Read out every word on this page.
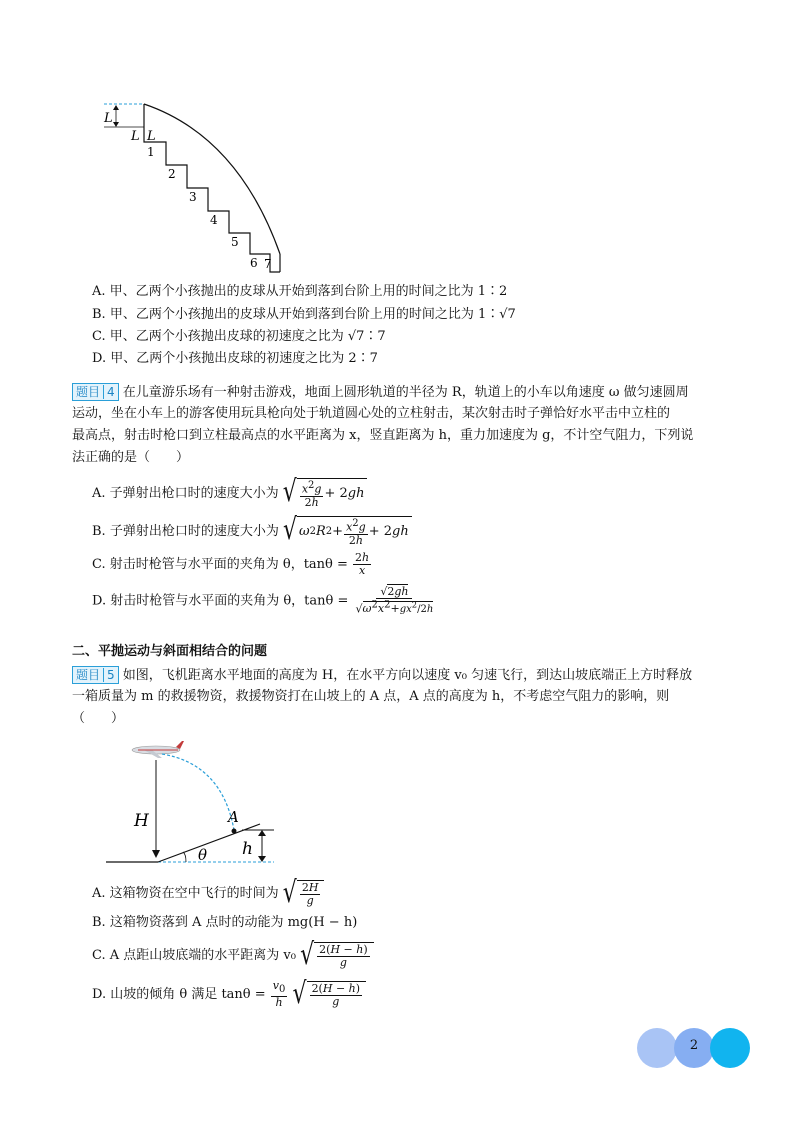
L
L L
1
2
3
4
5
6 7
A. 甲、乙两个小孩抛出的皮球从开始到落到台阶上用的时间之比为 1∶2
B. 甲、乙两个小孩抛出的皮球从开始到落到台阶上用的时间之比为 1∶√7
C. 甲、乙两个小孩抛出皮球的初速度之比为 √7∶7
D. 甲、乙两个小孩抛出皮球的初速度之比为 2∶7
题目 4 在儿童游乐场有一种射击游戏，地面上圆形轨道的半径为 R，轨道上的小车以角速度 ω 做匀速圆周
运动，坐在小车上的游客使用玩具枪向处于轨道圆心处的立柱射击，某次射击时子弹恰好水平击中立柱的
最高点，射击时枪口到立柱最高点的水平距离为 x，竖直距离为 h，重力加速度为 g，不计空气阻力，下列说
法正确的是（　　）
A. 子弹射出枪口时的速度大小为 √ $\frac{x^2g}{2h} + 2$ gh
B. 子弹射出枪口时的速度大小为 √ ω 2 R $2 + \frac{x^2g}{2h} + 2$ gh
C. 射击时枪管与水平面的夹角为 θ，$\tan\theta = \frac{2h}{x}$
D. 射击时枪管与水平面的夹角为 θ，$\tan\theta = \frac{√2gh}{√\omega^2x^2+gx^2/2h}$
二、平抛运动与斜面相结合的问题
题目 5 如图，飞机距离水平地面的高度为 H，在水平方向以速度 v₀ 匀速飞行，到达山坡底端正上方时释放
一箱质量为 m 的救援物资，救援物资打在山坡上的 A 点，A 点的高度为 h，不考虑空气阻力的影响，则
（　　）
H	A
θ h
A. 这箱物资在空中飞行的时间为 √ $\frac{2H}{g}$
B. 这箱物资落到 A 点时的动能为 mg(H − h)
C. A 点距山坡底端的水平距离为 v₀ √ $\frac{2(H - h)}{g}$
D. 山坡的倾角 θ 满足 $\tan\theta = \frac{v_0}{h}$
√ $\frac{2(H - h)}{g}$
2
